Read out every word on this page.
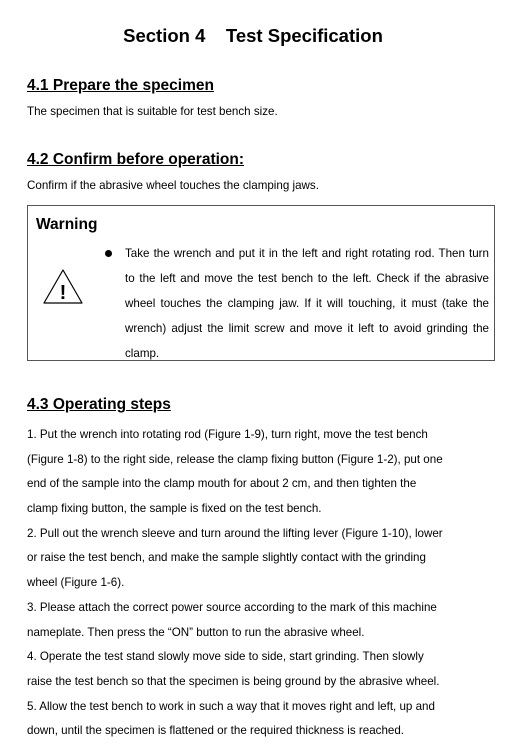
Section 4    Test Specification
4.1 Prepare the specimen
The specimen that is suitable for test bench size.
4.2 Confirm before operation:
Confirm if the abrasive wheel touches the clamping jaws.
Warning
!
Take the wrench and put it in the left and right rotating rod. Then turn to the left and move the test bench to the left. Check if the abrasive wheel touches the clamping jaw. If it will touching, it must (take the wrench) adjust the limit screw and move it left to avoid grinding the clamp.
4.3 Operating steps
1. Put the wrench into rotating rod (Figure 1-9), turn right, move the test bench
(Figure 1-8) to the right side, release the clamp fixing button (Figure 1-2), put one
end of the sample into the clamp mouth for about 2 cm, and then tighten the
clamp fixing button, the sample is fixed on the test bench.
2. Pull out the wrench sleeve and turn around the lifting lever (Figure 1-10), lower
or raise the test bench, and make the sample slightly contact with the grinding
wheel (Figure 1-6).
3. Please attach the correct power source according to the mark of this machine
nameplate. Then press the “ON” button to run the abrasive wheel.
4. Operate the test stand slowly move side to side, start grinding. Then slowly
raise the test bench so that the specimen is being ground by the abrasive wheel.
5. Allow the test bench to work in such a way that it moves right and left, up and
down, until the specimen is flattened or the required thickness is reached.
